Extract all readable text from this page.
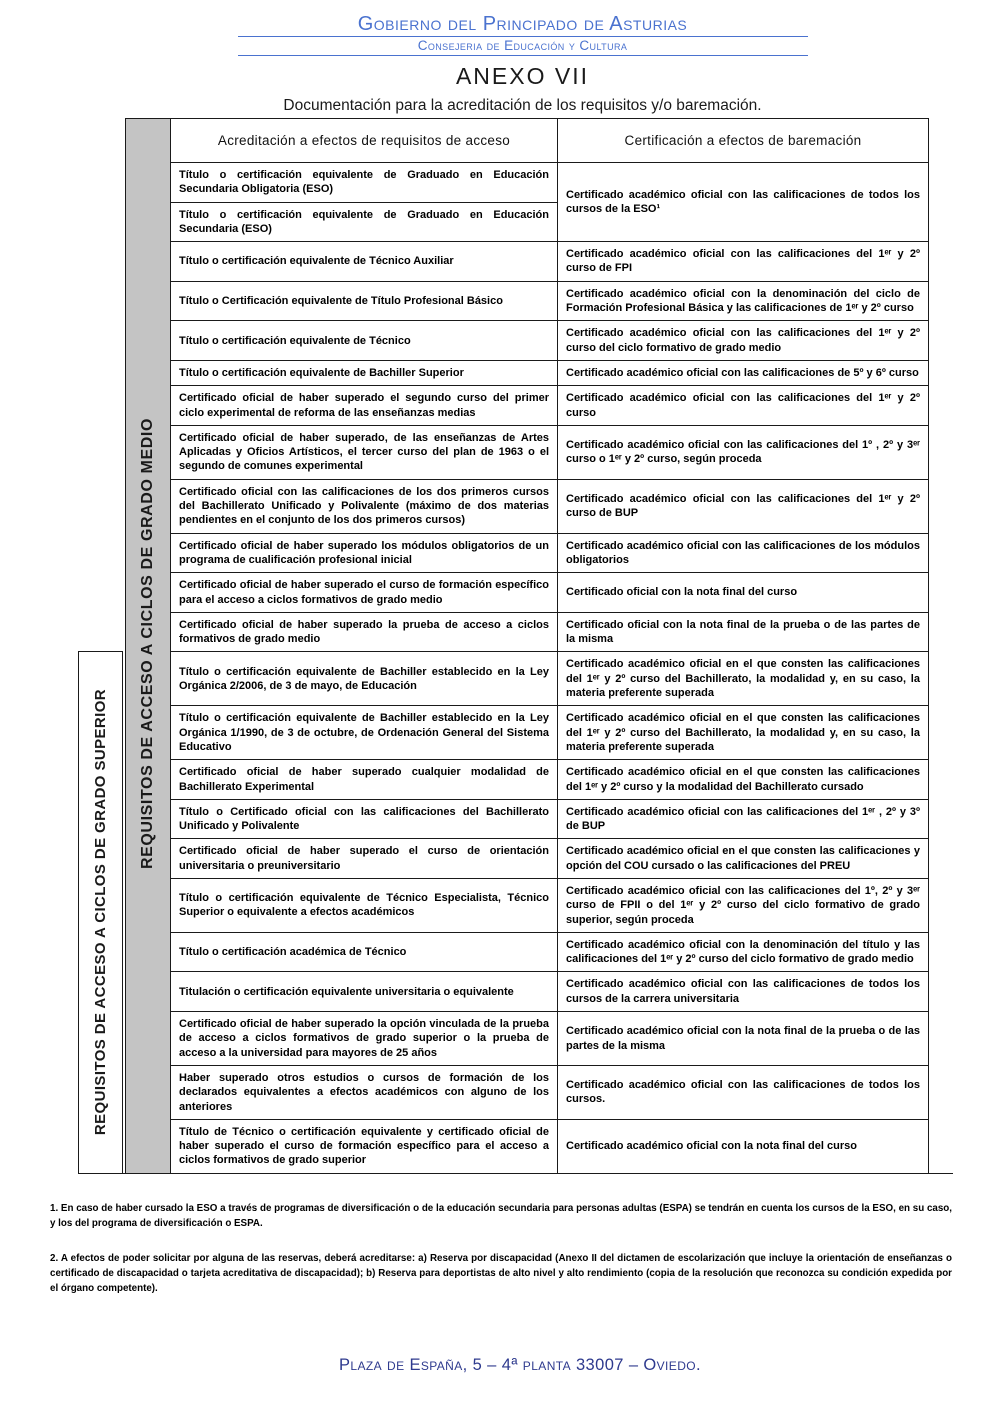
Gobierno del Principado de Asturias
Consejeria de Educación y Cultura
ANEXO VII
Documentación para la acreditación de los requisitos y/o baremación.
REQUISITOS DE ACCESO A CICLOS DE GRADO SUPERIOR
REQUISITOS DE ACCESO A CICLOS DE GRADO MEDIO	Acreditación a efectos de requisitos de acceso	Certificación a efectos de baremación
	Título o certificación equivalente de Graduado en Educación Secundaria Obligatoria (ESO)	Certificado académico oficial con las calificaciones de todos los cursos de la ESO¹
	Título o certificación equivalente de Graduado en Educación Secundaria (ESO)	
	Título o certificación equivalente de Técnico Auxiliar	Certificado académico oficial con las calificaciones del 1ᵉʳ y 2º curso de FPI
	Título o Certificación equivalente de Título Profesional Básico	Certificado académico oficial con la denominación del ciclo de Formación Profesional Básica y las calificaciones de 1ᵉʳ y 2º curso
	Título o certificación equivalente de Técnico	Certificado académico oficial con las calificaciones del 1ᵉʳ y 2º curso del ciclo formativo de grado medio
	Título o certificación equivalente de Bachiller Superior	Certificado académico oficial con las calificaciones de 5º y 6º curso
	Certificado oficial de haber superado el segundo curso del primer ciclo experimental de reforma de las enseñanzas medias	Certificado académico oficial con las calificaciones del 1ᵉʳ y 2º curso
	Certificado oficial de haber superado, de las enseñanzas de Artes Aplicadas y Oficios Artísticos, el tercer curso del plan de 1963 o el segundo de comunes experimental	Certificado académico oficial con las calificaciones del 1º , 2º y 3ᵉʳ curso o 1ᵉʳ y 2º curso, según proceda
	Certificado oficial con las calificaciones de los dos primeros cursos del Bachillerato Unificado y Polivalente (máximo de dos materias pendientes en el conjunto de los dos primeros cursos)	Certificado académico oficial con las calificaciones del 1ᵉʳ y 2º curso de BUP
	Certificado oficial de haber superado los módulos obligatorios de un programa de cualificación profesional inicial	Certificado académico oficial con las calificaciones de los módulos obligatorios
	Certificado oficial de haber superado el curso de formación específico para el acceso a ciclos formativos de grado medio	Certificado oficial con la nota final del curso
	Certificado oficial de haber superado la prueba de acceso a ciclos formativos de grado medio	Certificado oficial con la nota final de la prueba o de las partes de la misma
	Título o certificación equivalente de Bachiller establecido en la Ley Orgánica 2/2006, de 3 de mayo, de Educación	Certificado académico oficial en el que consten las calificaciones del 1ᵉʳ y 2º curso del Bachillerato, la modalidad y, en su caso, la materia preferente superada
	Título o certificación equivalente de Bachiller establecido en la Ley Orgánica 1/1990, de 3 de octubre, de Ordenación General del Sistema Educativo	Certificado académico oficial en el que consten las calificaciones del 1ᵉʳ y 2º curso del Bachillerato, la modalidad y, en su caso, la materia preferente superada
	Certificado oficial de haber superado cualquier modalidad de Bachillerato Experimental	Certificado académico oficial en el que consten las calificaciones del 1ᵉʳ y 2º curso y la modalidad del Bachillerato cursado
	Título o Certificado oficial con las calificaciones del Bachillerato Unificado y Polivalente	Certificado académico oficial con las calificaciones del 1ᵉʳ , 2º y 3º de BUP
	Certificado oficial de haber superado el curso de orientación universitaria o preuniversitario	Certificado académico oficial en el que consten las calificaciones y opción del COU cursado o las calificaciones del PREU
	Título o certificación equivalente de Técnico Especialista, Técnico Superior o equivalente a efectos académicos	Certificado académico oficial con las calificaciones del 1º, 2º y 3ᵉʳ curso de FPII o del 1ᵉʳ y 2º curso del ciclo formativo de grado superior, según proceda
	Título o certificación académica de Técnico	Certificado académico oficial con la denominación del título y las calificaciones del 1ᵉʳ y 2º curso del ciclo formativo de grado medio
	Titulación o certificación equivalente universitaria o equivalente	Certificado académico oficial con las calificaciones de todos los cursos de la carrera universitaria
	Certificado oficial de haber superado la opción vinculada de la prueba de acceso a ciclos formativos de grado superior o la prueba de acceso a la universidad para mayores de 25 años	Certificado académico oficial con la nota final de la prueba o de las partes de la misma
	Haber superado otros estudios o cursos de formación de los declarados equivalentes a efectos académicos con alguno de los anteriores	Certificado académico oficial con las calificaciones de todos los cursos.
	Título de Técnico o certificación equivalente y certificado oficial de haber superado el curso de formación específico para el acceso a ciclos formativos de grado superior	Certificado académico oficial con la nota final del curso
1. En caso de haber cursado la ESO a través de programas de diversificación o de la educación secundaria para personas adultas (ESPA) se tendrán en cuenta los cursos de la ESO, en su caso, y los del programa de diversificación o ESPA.
2. A efectos de poder solicitar por alguna de las reservas, deberá acreditarse: a) Reserva por discapacidad (Anexo II del dictamen de escolarización que incluye la orientación de enseñanzas o certificado de discapacidad o tarjeta acreditativa de discapacidad); b) Reserva para deportistas de alto nivel y alto rendimiento (copia de la resolución que reconozca su condición expedida por el órgano competente).
Plaza de España, 5 – 4ª planta 33007 – Oviedo.
